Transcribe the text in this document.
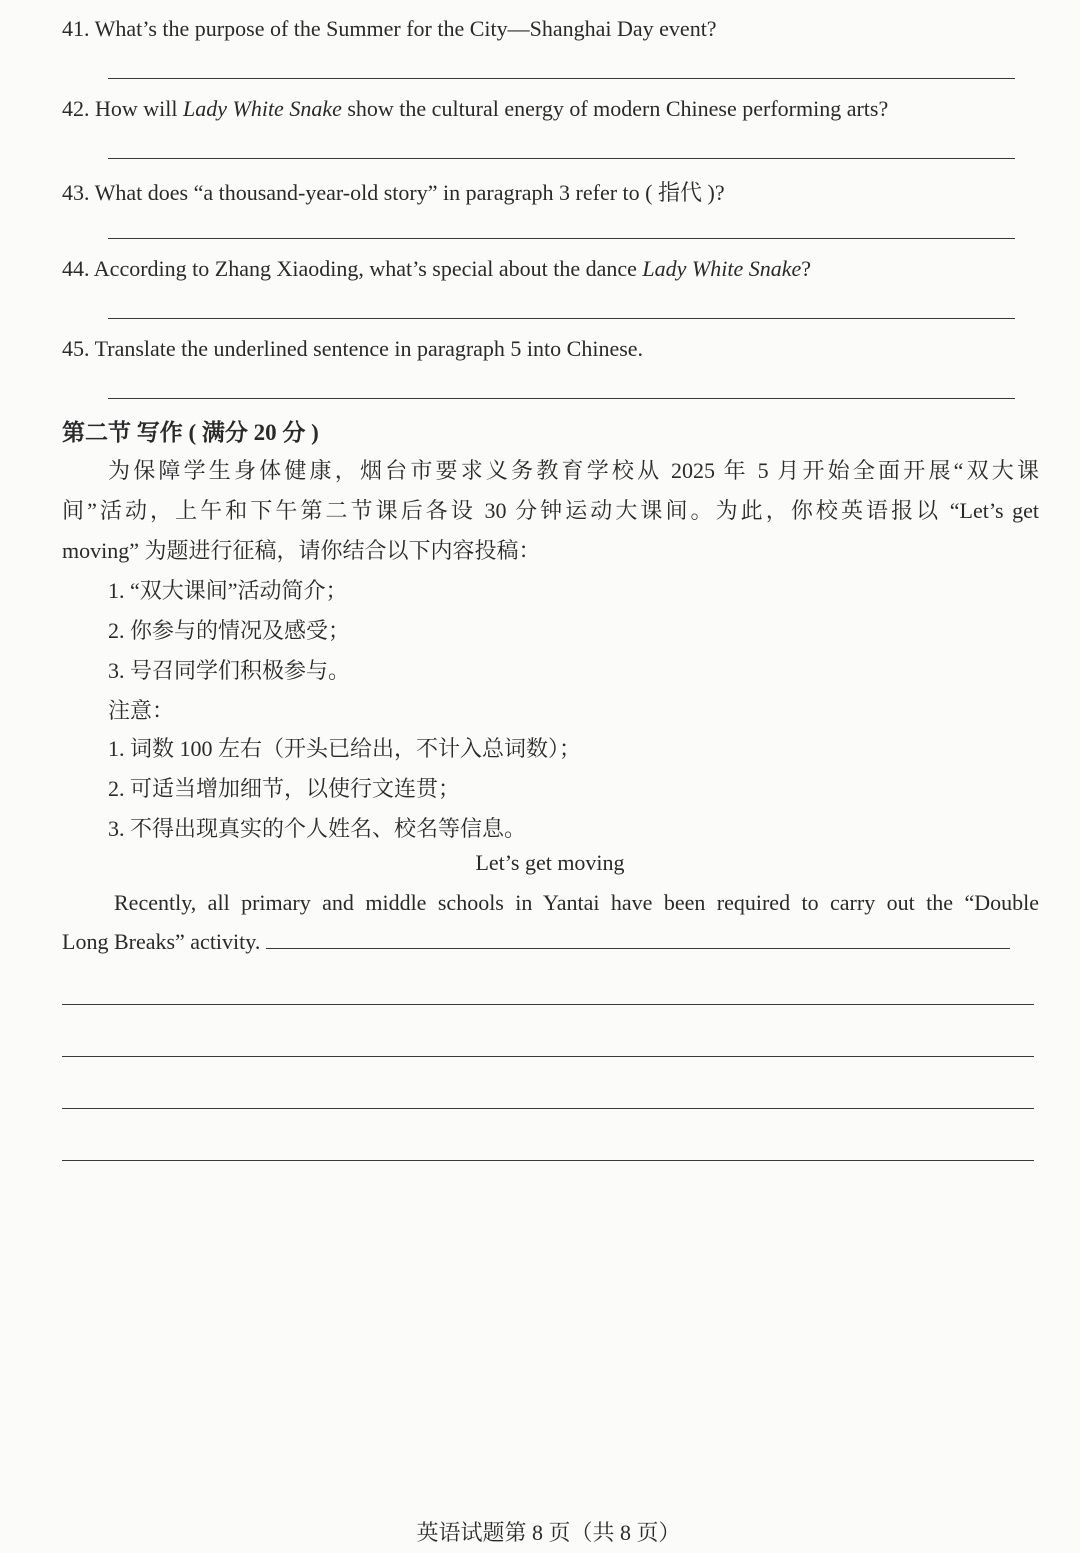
41. What’s the purpose of the Summer for the City—Shanghai Day event?
42. How will Lady White Snake show the cultural energy of modern Chinese performing arts?
43. What does “a thousand-year-old story” in paragraph 3 refer to ( 指代 )?
44. According to Zhang Xiaoding, what’s special about the dance Lady White Snake?
45. Translate the underlined sentence in paragraph 5 into Chinese.
第二节 写作 ( 满分 20 分 )
为保障学生身体健康，烟台市要求义务教育学校从 2025 年 5 月开始全面开展“双大课
间”活动，上午和下午第二节课后各设 30 分钟运动大课间。为此，你校英语报以 “Let’s get
moving” 为题进行征稿，请你结合以下内容投稿：
1. “双大课间”活动简介；
2. 你参与的情况及感受；
3. 号召同学们积极参与。
注意：
1. 词数 100 左右（开头已给出，不计入总词数）；
2. 可适当增加细节，以使行文连贯；
3. 不得出现真实的个人姓名、校名等信息。
Let’s get moving
Recently, all primary and middle schools in Yantai have been required to carry out the “Double
Long Breaks” activity.
英语试题第 8 页（共 8 页）
